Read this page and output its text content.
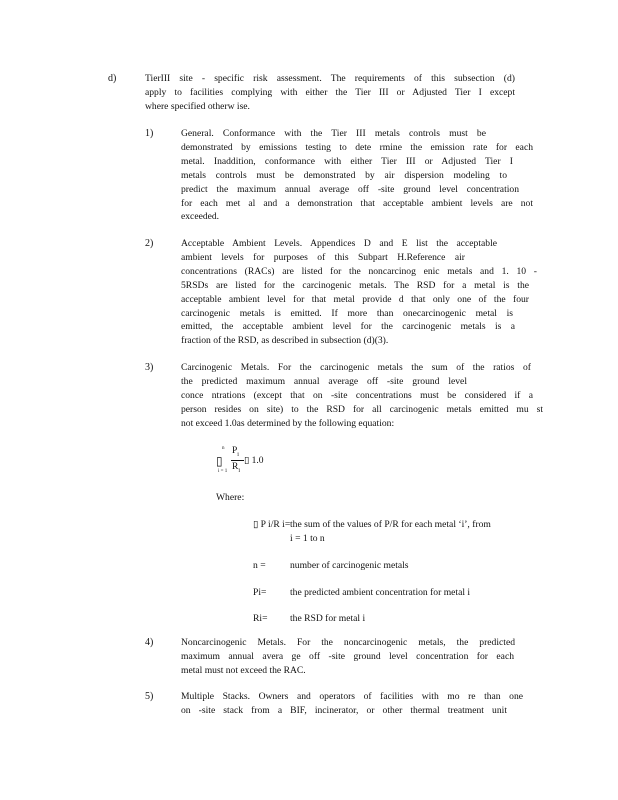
d)	TierIII site - specific risk assessment. The requirements of this subsection (d)
apply to facilities complying with either the Tier III or Adjusted Tier I except
where specified otherw ise.
1)	General. Conformance with the Tier III metals controls must be
demonstrated by emissions testing to dete rmine the emission rate for each
metal. Inaddition, conformance with either Tier III or Adjusted Tier I
metals controls must be demonstrated by air dispersion modeling to
predict the maximum annual average off -site ground level concentration
for each met al and a demonstration that acceptable ambient levels are not
exceeded.
2)	Acceptable Ambient Levels. Appendices D and E list the acceptable
ambient levels for purposes of this Subpart H.Reference air
concentrations (RACs) are listed for the noncarcinog enic metals and 1. 10 -
5RSDs are listed for the carcinogenic metals. The RSD for a metal is the
acceptable ambient level for that metal provide d that only one of the four
carcinogenic metals is emitted. If more than onecarcinogenic metal is
emitted, the acceptable ambient level for the carcinogenic metals is a
fraction of the RSD, as described in subsection (d)(3).
3)	Carcinogenic Metals. For the carcinogenic metals the sum of the ratios of
the predicted maximum annual average off -site ground level
conce ntrations (except that on -site concentrations must be considered if a
person resides on site) to the RSD for all carcinogenic metals emitted mu st
not exceed 1.0as determined by the following equation:
n
▯
i = 1
$P_i$
$R_i$
▯ 1.0
Where:
▯ P i/R i= the sum of the values of P/R for each metal ‘i’, from
i = 1 to n
n =	number of carcinogenic metals
Pi= the predicted ambient concentration for metal i
Ri= the RSD for metal i
4)	Noncarcinogenic Metals. For the noncarcinogenic metals, the predicted
maximum annual avera ge off -site ground level concentration for each
metal must not exceed the RAC.
5)	Multiple Stacks. Owners and operators of facilities with mo re than one
on -site stack from a BIF, incinerator, or other thermal treatment unit
